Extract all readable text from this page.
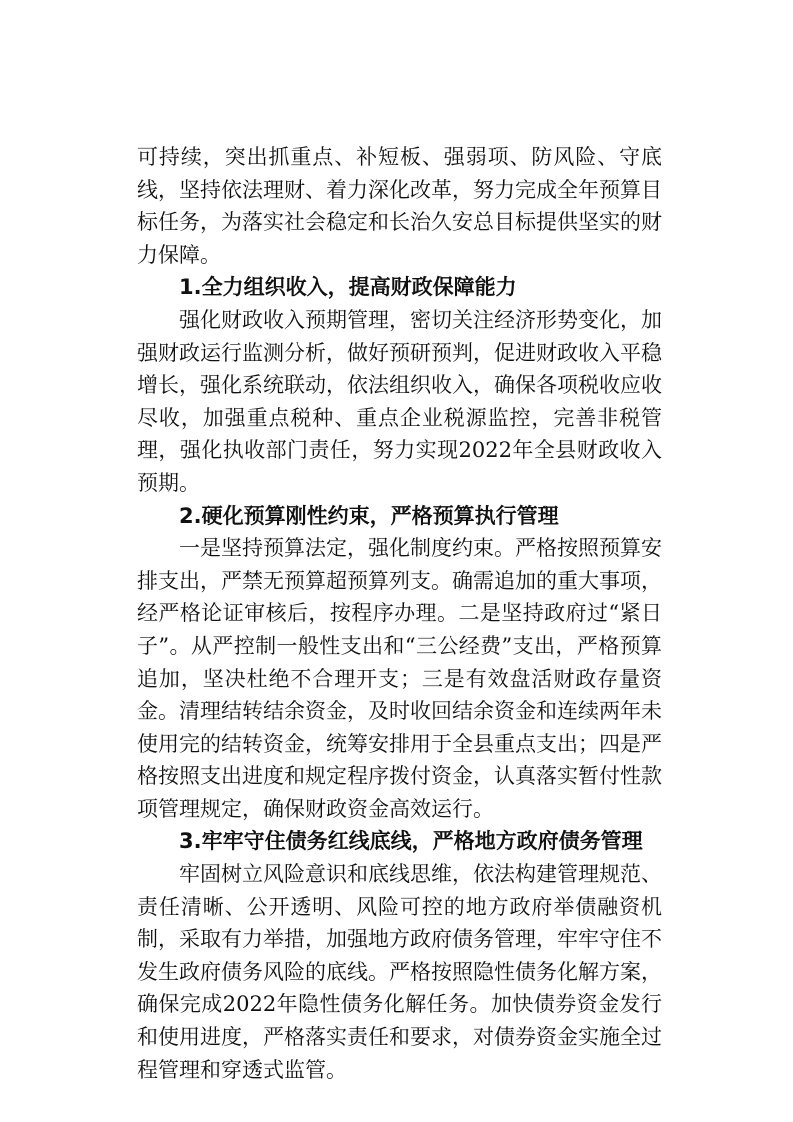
可持续，突出抓重点、补短板、强弱项、防风险、守底线，坚持依法理财、着力深化改革，努力完成全年预算目标任务，为落实社会稳定和长治久安总目标提供坚实的财力保障。

1.全力组织收入，提高财政保障能力

强化财政收入预期管理，密切关注经济形势变化，加强财政运行监测分析，做好预研预判，促进财政收入平稳增长，强化系统联动，依法组织收入，确保各项税收应收尽收，加强重点税种、重点企业税源监控，完善非税管理，强化执收部门责任，努力实现2022年全县财政收入预期。

2.硬化预算刚性约束，严格预算执行管理

一是坚持预算法定，强化制度约束。严格按照预算安排支出，严禁无预算超预算列支。确需追加的重大事项，经严格论证审核后，按程序办理。二是坚持政府过“紧日子”。从严控制一般性支出和“三公经费”支出，严格预算追加，坚决杜绝不合理开支；三是有效盘活财政存量资金。清理结转结余资金，及时收回结余资金和连续两年未使用完的结转资金，统筹安排用于全县重点支出；四是严格按照支出进度和规定程序拨付资金，认真落实暂付性款项管理规定，确保财政资金高效运行。

3.牢牢守住债务红线底线，严格地方政府债务管理

牢固树立风险意识和底线思维，依法构建管理规范、责任清晰、公开透明、风险可控的地方政府举债融资机制，采取有力举措，加强地方政府债务管理，牢牢守住不发生政府债务风险的底线。严格按照隐性债务化解方案，确保完成2022年隐性债务化解任务。加快债券资金发行和使用进度，严格落实责任和要求，对债券资金实施全过程管理和穿透式监管。
